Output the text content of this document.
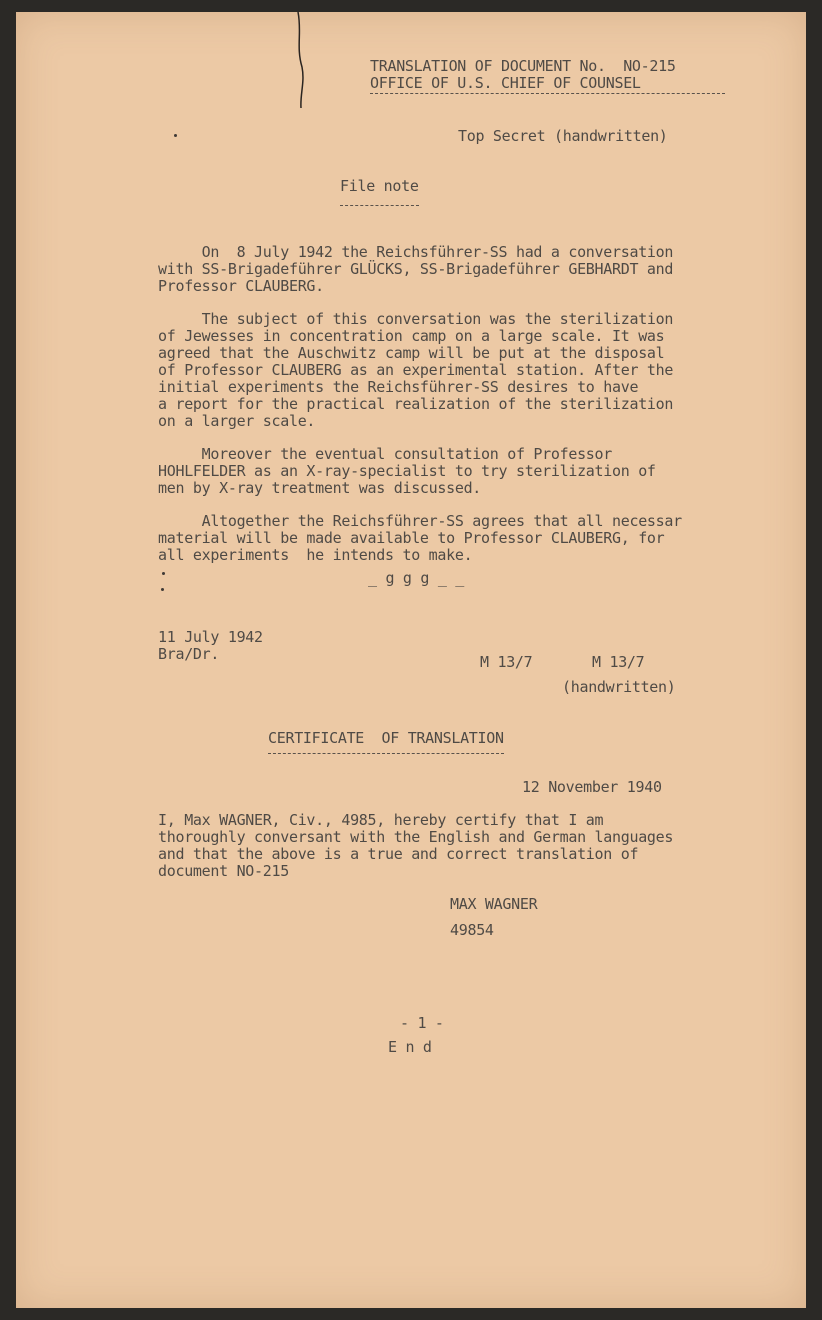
TRANSLATION OF DOCUMENT No.  NO-215
OFFICE OF U.S. CHIEF OF COUNSEL
Top Secret (handwritten)
File note
On  8 July 1942 the Reichsführer-SS had a conversation
with SS-Brigadeführer GLÜCKS, SS-Brigadeführer GEBHARDT and
Professor CLAUBERG.
The subject of this conversation was the sterilization
of Jewesses in concentration camp on a large scale. It was
agreed that the Auschwitz camp will be put at the disposal
of Professor CLAUBERG as an experimental station. After the
initial experiments the Reichsführer-SS desires to have
a report for the practical realization of the sterilization
on a larger scale.
Moreover the eventual consultation of Professor
HOHLFELDER as an X-ray-specialist to try sterilization of
men by X-ray treatment was discussed.
Altogether the Reichsführer-SS agrees that all necessar
material will be made available to Professor CLAUBERG, for
all experiments  he intends to make.
_ g g g _ _
11 July 1942
Bra/Dr.	M 13/7	M 13/7
(handwritten)
CERTIFICATE  OF TRANSLATION
12 November 1940
I, Max WAGNER, Civ., 4985, hereby certify that I am
thoroughly conversant with the English and German languages
and that the above is a true and correct translation of
document NO-215
MAX WAGNER
49854
- 1 -
E n d
